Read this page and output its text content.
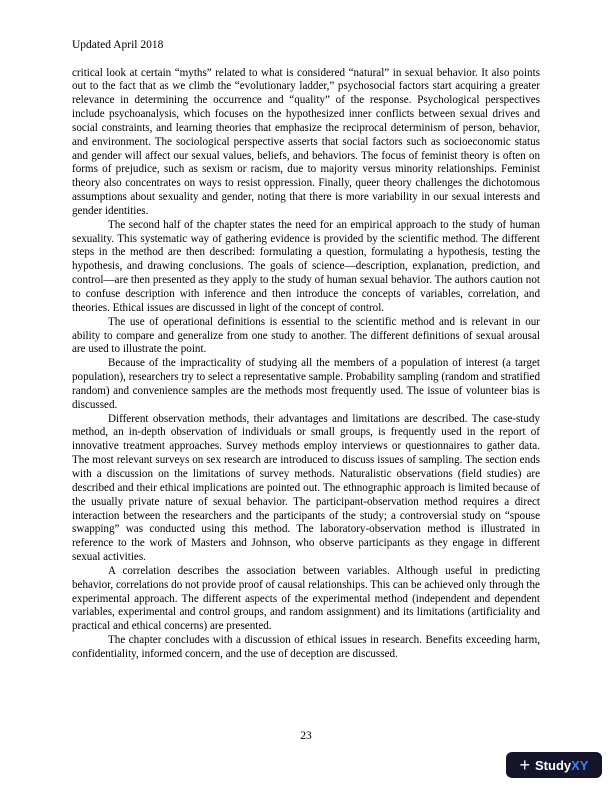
Updated April 2018

critical look at certain “myths” related to what is considered “natural” in sexual behavior. It also points out to the fact that as we climb the “evolutionary ladder,” psychosocial factors start acquiring a greater relevance in determining the occurrence and “quality” of the response. Psychological perspectives include psychoanalysis, which focuses on the hypothesized inner conflicts between sexual drives and social constraints, and learning theories that emphasize the reciprocal determinism of person, behavior, and environment. The sociological perspective asserts that social factors such as socioeconomic status and gender will affect our sexual values, beliefs, and behaviors. The focus of feminist theory is often on forms of prejudice, such as sexism or racism, due to majority versus minority relationships. Feminist theory also concentrates on ways to resist oppression. Finally, queer theory challenges the dichotomous assumptions about sexuality and gender, noting that there is more variability in our sexual interests and gender identities.

The second half of the chapter states the need for an empirical approach to the study of human sexuality. This systematic way of gathering evidence is provided by the scientific method. The different steps in the method are then described: formulating a question, formulating a hypothesis, testing the hypothesis, and drawing conclusions. The goals of science—description, explanation, prediction, and control—are then presented as they apply to the study of human sexual behavior. The authors caution not to confuse description with inference and then introduce the concepts of variables, correlation, and theories. Ethical issues are discussed in light of the concept of control.

The use of operational definitions is essential to the scientific method and is relevant in our ability to compare and generalize from one study to another. The different definitions of sexual arousal are used to illustrate the point.

Because of the impracticality of studying all the members of a population of interest (a target population), researchers try to select a representative sample. Probability sampling (random and stratified random) and convenience samples are the methods most frequently used. The issue of volunteer bias is discussed.

Different observation methods, their advantages and limitations are described. The case-study method, an in-depth observation of individuals or small groups, is frequently used in the report of innovative treatment approaches. Survey methods employ interviews or questionnaires to gather data. The most relevant surveys on sex research are introduced to discuss issues of sampling. The section ends with a discussion on the limitations of survey methods. Naturalistic observations (field studies) are described and their ethical implications are pointed out. The ethnographic approach is limited because of the usually private nature of sexual behavior. The participant-observation method requires a direct interaction between the researchers and the participants of the study; a controversial study on “spouse swapping” was conducted using this method. The laboratory-observation method is illustrated in reference to the work of Masters and Johnson, who observe participants as they engage in different sexual activities.

A correlation describes the association between variables. Although useful in predicting behavior, correlations do not provide proof of causal relationships. This can be achieved only through the experimental approach. The different aspects of the experimental method (independent and dependent variables, experimental and control groups, and random assignment) and its limitations (artificiality and practical and ethical concerns) are presented.

The chapter concludes with a discussion of ethical issues in research. Benefits exceeding harm, confidentiality, informed concern, and the use of deception are discussed.

23
+ Study XY
